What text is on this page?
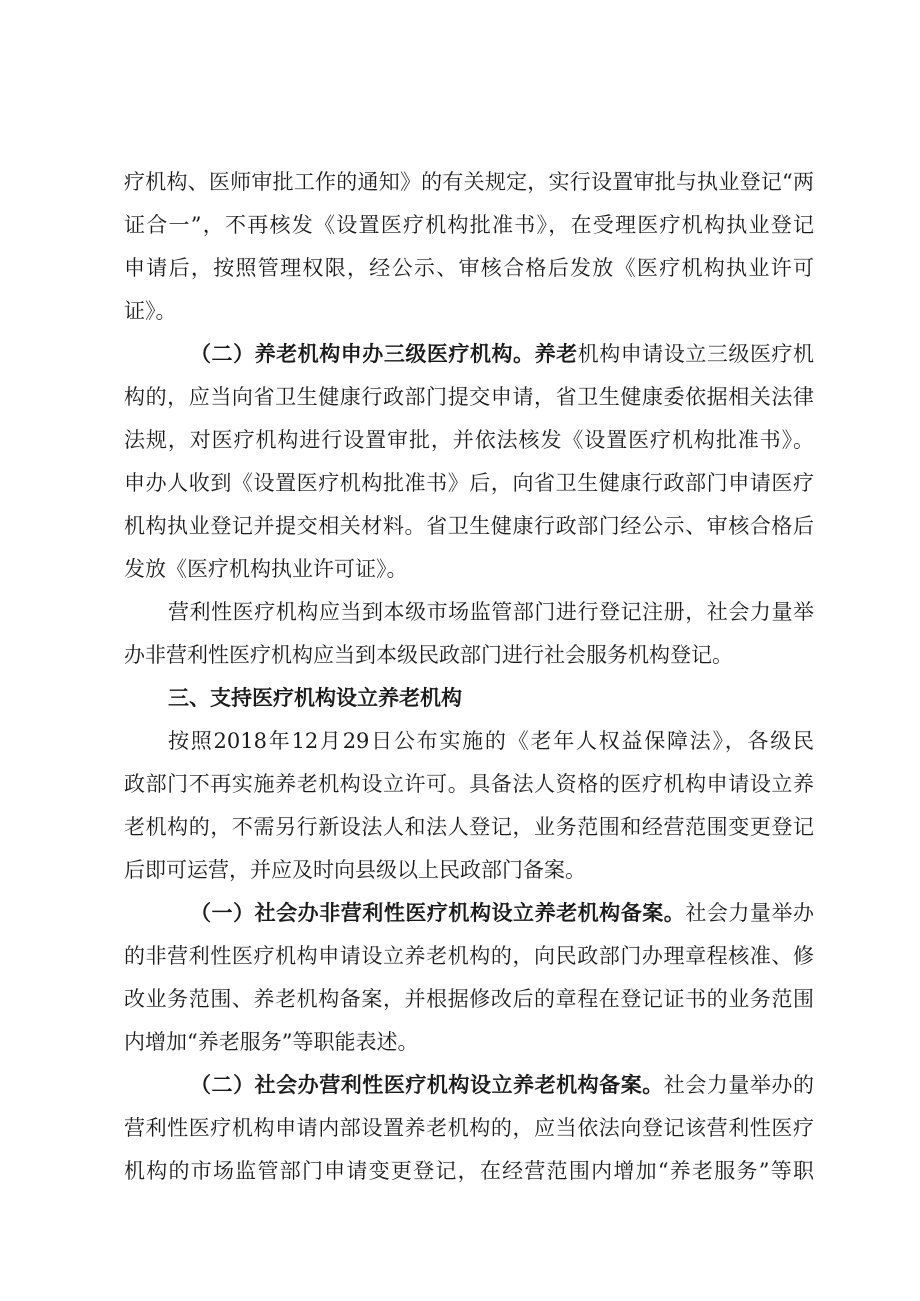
疗机构、医师审批工作的通知》的有关规定，实行设置审批与执业登记“两
证合一”，不再核发《设置医疗机构批准书》，在受理医疗机构执业登记
申请后，按照管理权限，经公示、审核合格后发放《医疗机构执业许可
证》。
（二）养老机构申办三级医疗机构。养老机构申请设立三级医疗机
构的，应当向省卫生健康行政部门提交申请，省卫生健康委依据相关法律
法规，对医疗机构进行设置审批，并依法核发《设置医疗机构批准书》。
申办人收到《设置医疗机构批准书》后，向省卫生健康行政部门申请医疗
机构执业登记并提交相关材料。省卫生健康行政部门经公示、审核合格后
发放《医疗机构执业许可证》。
营利性医疗机构应当到本级市场监管部门进行登记注册，社会力量举
办非营利性医疗机构应当到本级民政部门进行社会服务机构登记。
三、支持医疗机构设立养老机构
按照2018年12月29日公布实施的《老年人权益保障法》，各级民
政部门不再实施养老机构设立许可。具备法人资格的医疗机构申请设立养
老机构的，不需另行新设法人和法人登记，业务范围和经营范围变更登记
后即可运营，并应及时向县级以上民政部门备案。
（一）社会办非营利性医疗机构设立养老机构备案。社会力量举办
的非营利性医疗机构申请设立养老机构的，向民政部门办理章程核准、修
改业务范围、养老机构备案，并根据修改后的章程在登记证书的业务范围
内增加“养老服务”等职能表述。
（二）社会办营利性医疗机构设立养老机构备案。社会力量举办的
营利性医疗机构申请内部设置养老机构的，应当依法向登记该营利性医疗
机构的市场监管部门申请变更登记，在经营范围内增加“养老服务”等职
